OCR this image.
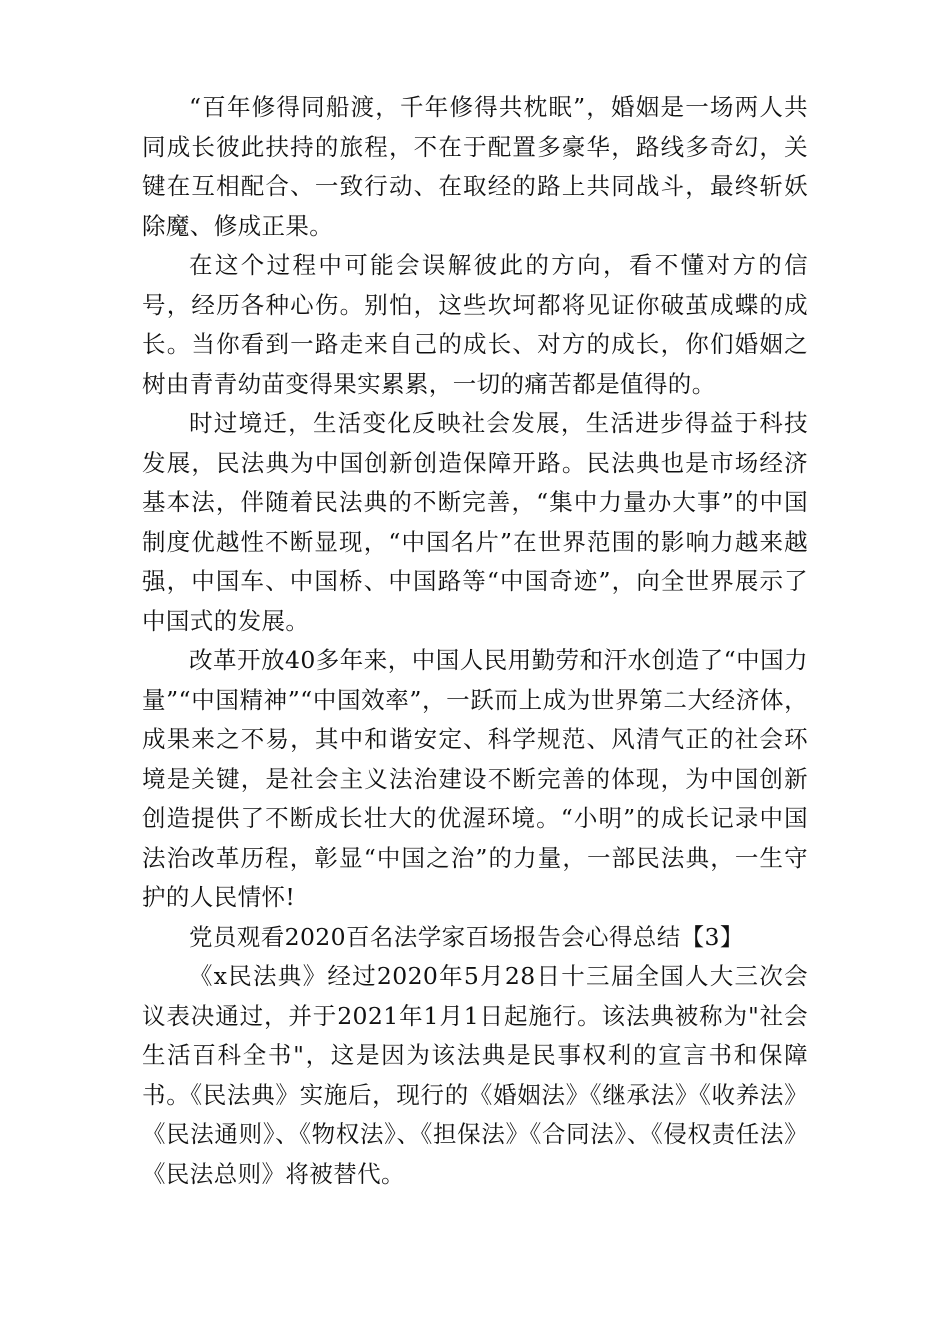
“百年修得同船渡，千年修得共枕眠”，婚姻是一场两人共同成长彼此扶持的旅程，不在于配置多豪华，路线多奇幻，关键在互相配合、一致行动、在取经的路上共同战斗，最终斩妖除魔、修成正果。

在这个过程中可能会误解彼此的方向，看不懂对方的信号，经历各种心伤。别怕，这些坎坷都将见证你破茧成蝶的成长。当你看到一路走来自己的成长、对方的成长，你们婚姻之树由青青幼苗变得果实累累，一切的痛苦都是值得的。

时过境迁，生活变化反映社会发展，生活进步得益于科技发展，民法典为中国创新创造保障开路。民法典也是市场经济基本法，伴随着民法典的不断完善，“集中力量办大事”的中国制度优越性不断显现，“中国名片”在世界范围的影响力越来越强，中国车、中国桥、中国路等“中国奇迹”，向全世界展示了中国式的发展。

改革开放40多年来，中国人民用勤劳和汗水创造了“中国力量”“中国精神”“中国效率”，一跃而上成为世界第二大经济体，成果来之不易，其中和谐安定、科学规范、风清气正的社会环境是关键，是社会主义法治建设不断完善的体现，为中国创新创造提供了不断成长壮大的优渥环境。“小明”的成长记录中国法治改革历程，彰显“中国之治”的力量，一部民法典，一生守护的人民情怀!

党员观看2020百名法学家百场报告会心得总结【3】

《x民法典》经过2020年5月28日十三届全国人大三次会议表决通过，并于2021年1月1日起施行。该法典被称为"社会生活百科全书"，这是因为该法典是民事权利的宣言书和保障书。《民法典》实施后，现行的《婚姻法》《继承法》《收养法》《民法通则》、《物权法》、《担保法》《合同法》、《侵权责任法》《民法总则》将被替代。
